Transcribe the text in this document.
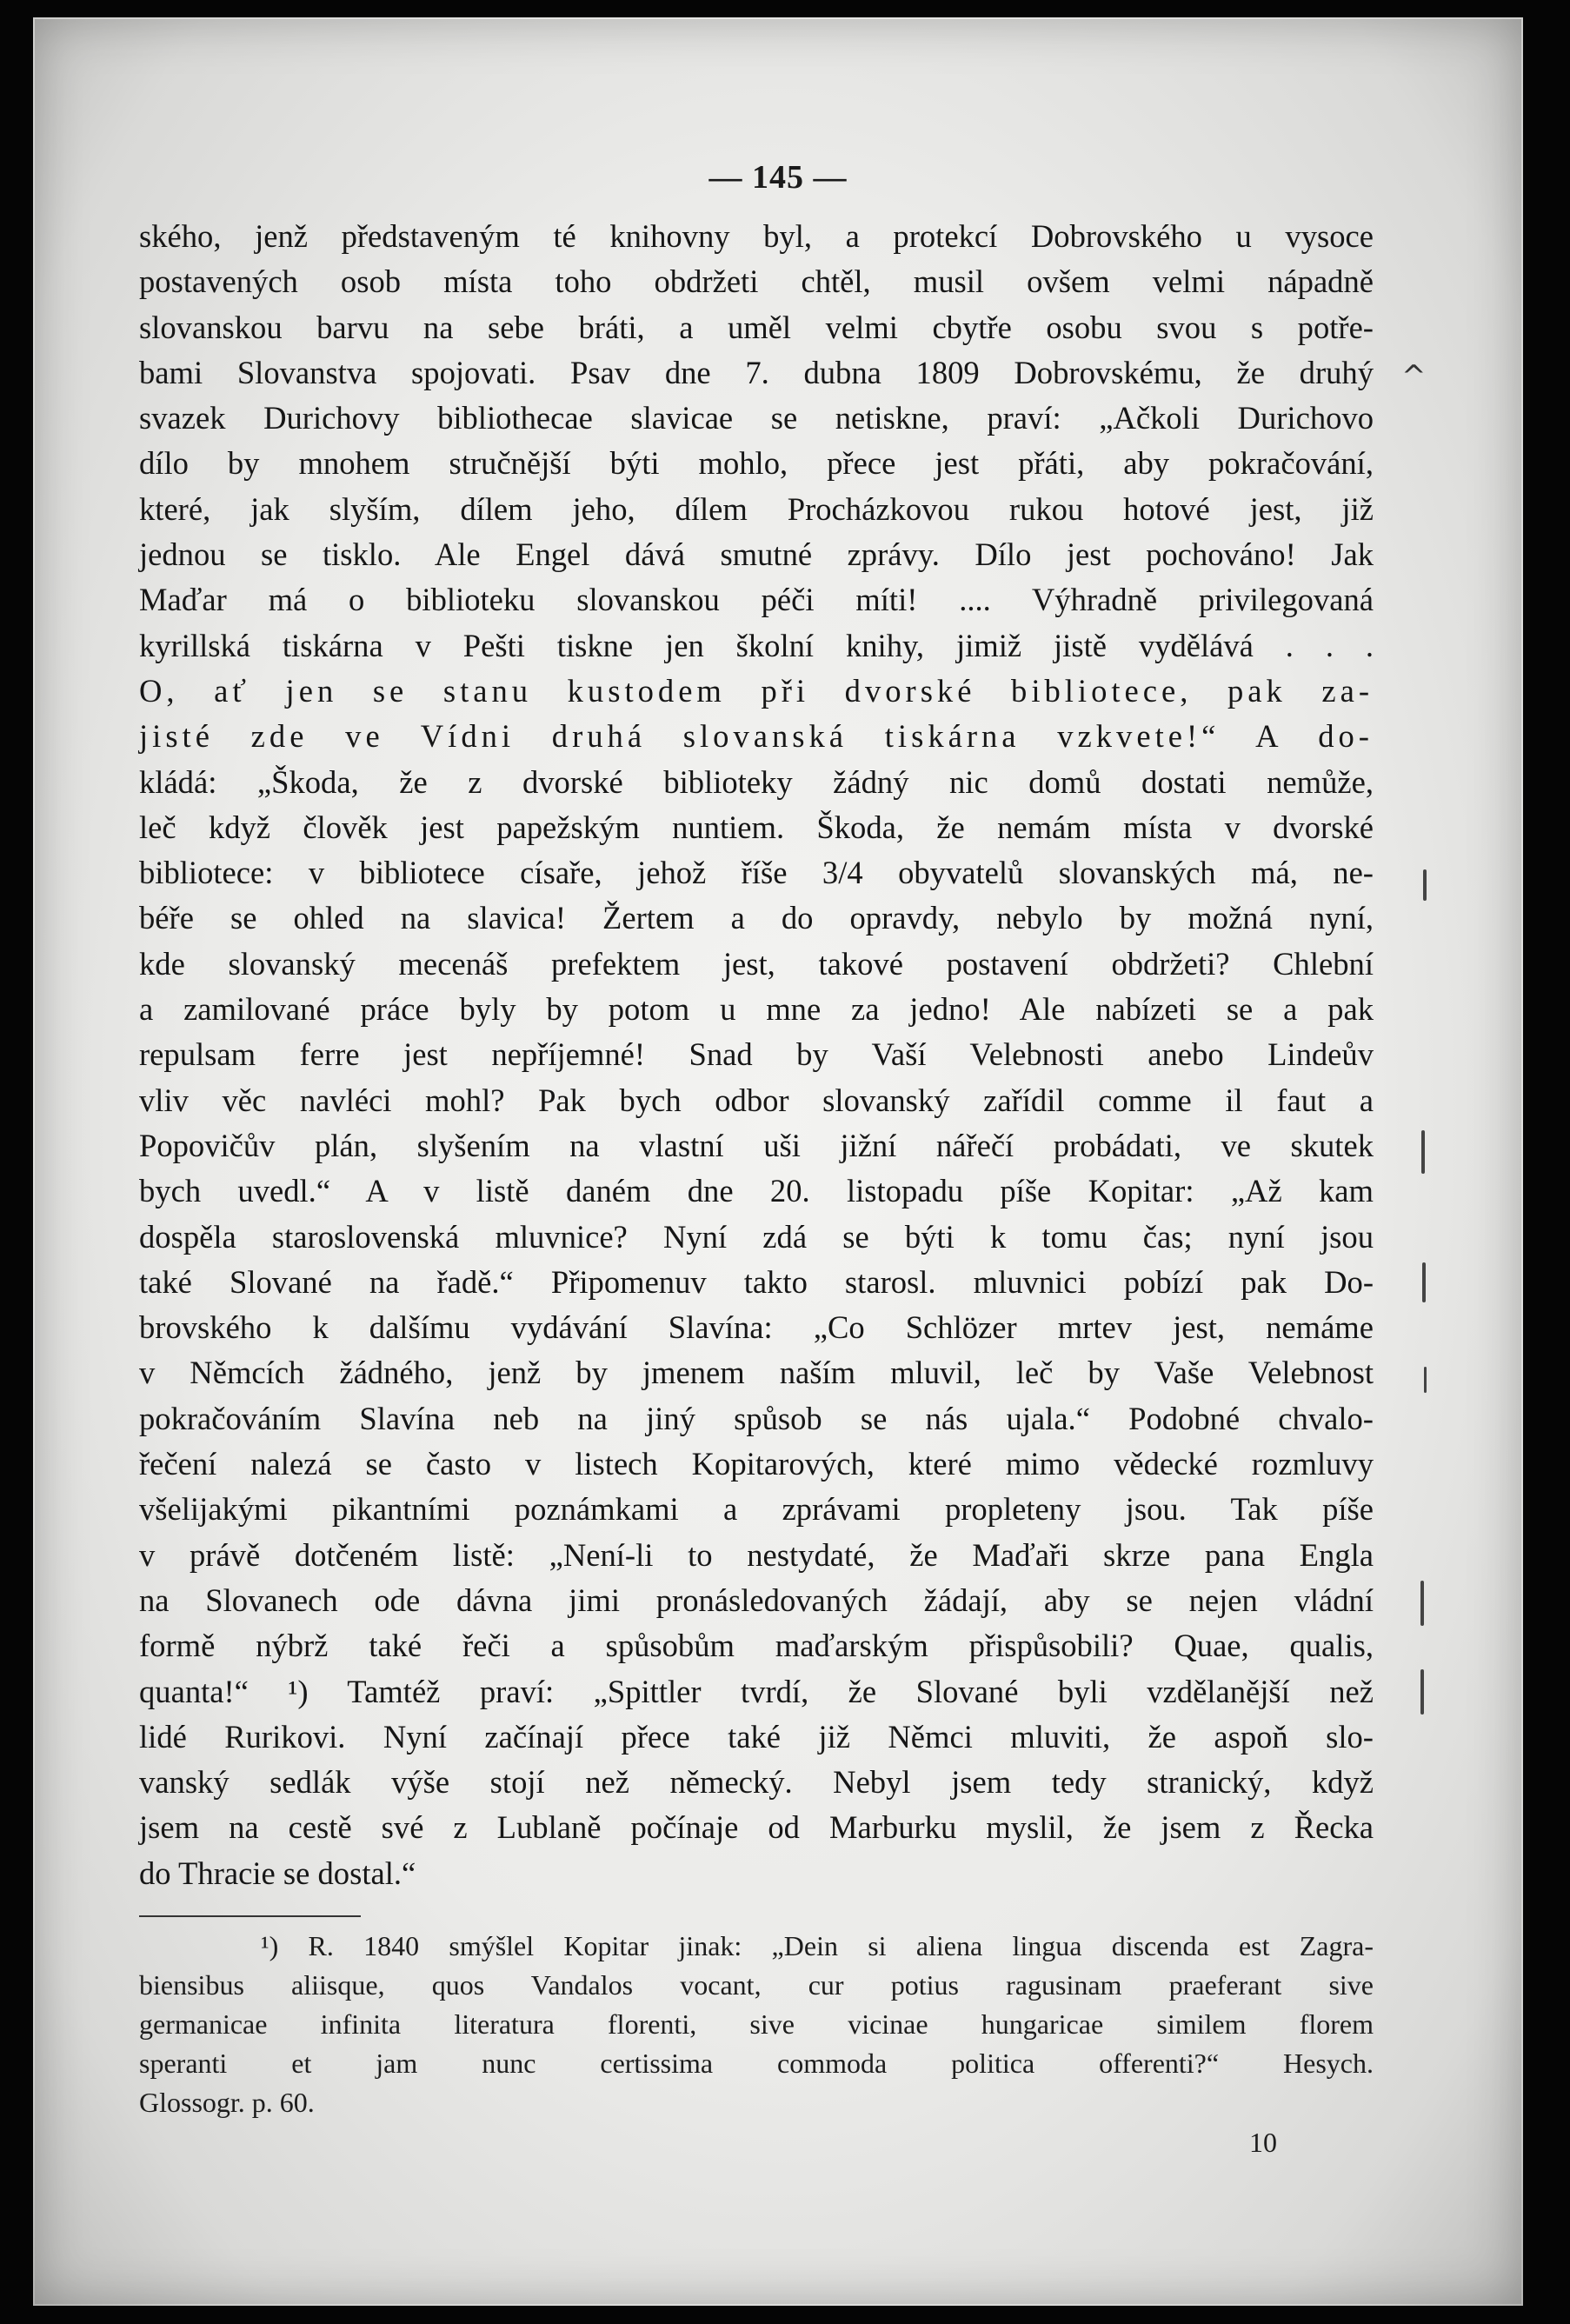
— 145 —
ského, jenž představeným té knihovny byl, a protekcí Dobrovského u vysoce
postavených osob místa toho obdržeti chtěl, musil ovšem velmi nápadně
slovanskou barvu na sebe bráti, a uměl velmi cbytře osobu svou s potře-
bami Slovanstva spojovati. Psav dne 7. dubna 1809 Dobrovskému, že druhý
svazek Durichovy bibliothecae slavicae se netiskne, praví: „Ačkoli Durichovo
dílo by mnohem stručnější býti mohlo, přece jest přáti, aby pokračování,
které, jak slyším, dílem jeho, dílem Procházkovou rukou hotové jest, již
jednou se tisklo. Ale Engel dává smutné zprávy. Dílo jest pochováno! Jak
Maďar má o biblioteku slovanskou péči míti! .... Výhradně privilegovaná
kyrillská tiskárna v Pešti tiskne jen školní knihy, jimiž jistě vydělává . . .
O, ať jen se stanu kustodem při dvorské bibliotece, pak za-
jisté zde ve Vídni druhá slovanská tiskárna vzkvete!“ A do-
kládá: „Škoda, že z dvorské biblioteky žádný nic domů dostati nemůže,
leč když člověk jest papežským nuntiem. Škoda, že nemám místa v dvorské
bibliotece: v bibliotece císaře, jehož říše 3/4 obyvatelů slovanských má, ne-
béře se ohled na slavica! Žertem a do opravdy, nebylo by možná nyní,
kde slovanský mecenáš prefektem jest, takové postavení obdržeti? Chlební
a zamilované práce byly by potom u mne za jedno! Ale nabízeti se a pak
repulsam ferre jest nepříjemné! Snad by Vaší Velebnosti anebo Lindeův
vliv věc navléci mohl? Pak bych odbor slovanský zařídil comme il faut a
Popovičův plán, slyšením na vlastní uši jižní nářečí probádati, ve skutek
bych uvedl.“ A v listě daném dne 20. listopadu píše Kopitar: „Až kam
dospěla staroslovenská mluvnice? Nyní zdá se býti k tomu čas; nyní jsou
také Slované na řadě.“ Připomenuv takto starosl. mluvnici pobízí pak Do-
brovského k dalšímu vydávání Slavína: „Co Schlözer mrtev jest, nemáme
v Němcích žádného, jenž by jmenem naším mluvil, leč by Vaše Velebnost
pokračováním Slavína neb na jiný spůsob se nás ujala.“ Podobné chvalo-
řečení nalezá se často v listech Kopitarových, které mimo vědecké rozmluvy
všelijakými pikantními poznámkami a zprávami propleteny jsou. Tak píše
v právě dotčeném listě: „Není-li to nestydaté, že Maďaři skrze pana Engla
na Slovanech ode dávna jimi pronásledovaných žádají, aby se nejen vládní
formě nýbrž také řeči a spůsobům maďarským přispůsobili? Quae, qualis,
quanta!“ ¹) Tamtéž praví: „Spittler tvrdí, že Slované byli vzdělanější než
lidé Rurikovi. Nyní začínají přece také již Němci mluviti, že aspoň slo-
vanský sedlák výše stojí než německý. Nebyl jsem tedy stranický, když
jsem na cestě své z Lublaně počínaje od Marburku myslil, že jsem z Řecka
do Thracie se dostal.“
¹) R. 1840 smýšlel Kopitar jinak: „Dein si aliena lingua discenda est Zagra-
biensibus aliisque, quos Vandalos vocant, cur potius ragusinam praeferant sive
germanicae infinita literatura florenti, sive vicinae hungaricae similem florem
speranti et jam nunc certissima commoda politica offerenti?“ Hesych.
Glossogr. p. 60.
10
^
